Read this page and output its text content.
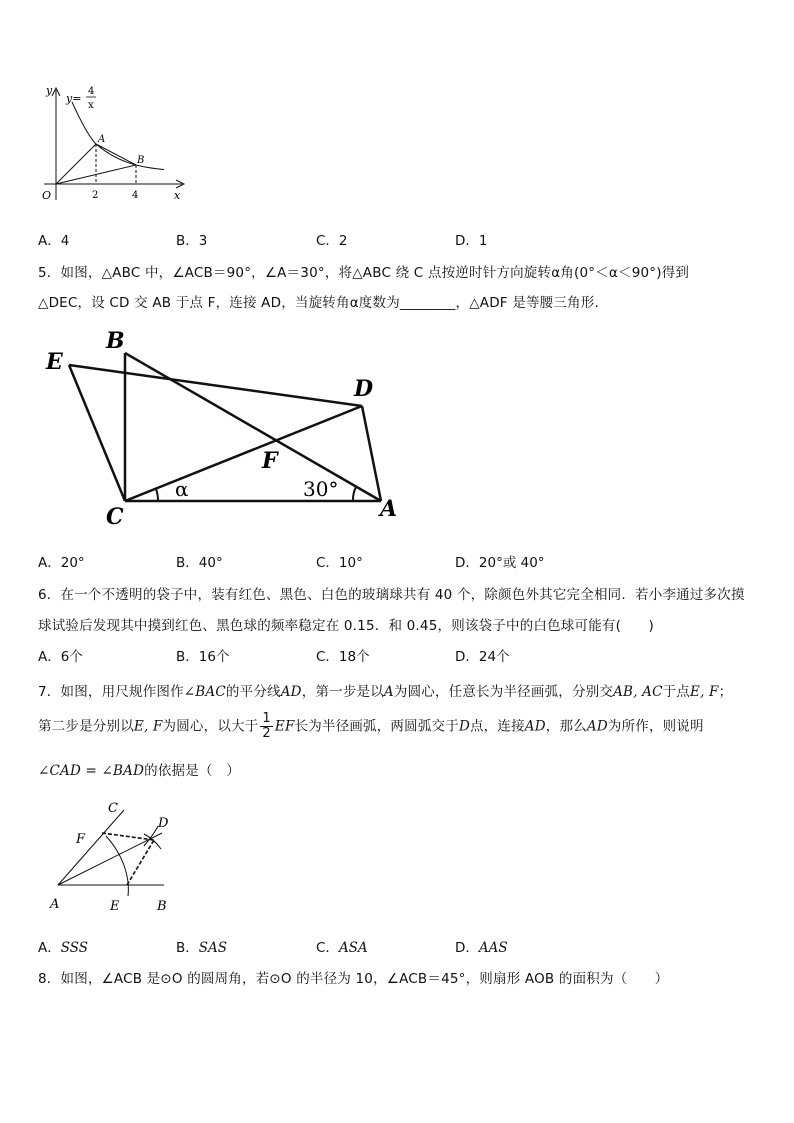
y
x
O
A
B
2	4
y=
4
x
A．4	B．3	C．2	D．1
5．如图，△ABC 中，∠ACB＝90°，∠A＝30°，将△ABC 绕 C 点按逆时针方向旋转α角(0°＜α＜90°)得到
△DEC，设 CD 交 AB 于点 F，连接 AD，当旋转角α度数为________，△ADF 是等腰三角形．
B
E
D
F
C	A
α	30°
A．20°	B．40°	C．10°	D．20°或 40°
6．在一个不透明的袋子中，装有红色、黑色、白色的玻璃球共有 40 个，除颜色外其它完全相同．若小李通过多次摸
球试验后发现其中摸到红色、黑色球的频率稳定在 0.15．和 0.45，则该袋子中的白色球可能有(　　)
A．6个	B．16个	C．18个	D．24个
7．如图，用尺规作图作∠BAC的平分线AD，第一步是以A为圆心，任意长为半径画弧，分别交AB, AC于点E, F；
第二步是分别以E, F为圆心，以大于 $\frac{1}{2}$ EF长为半径画弧，两圆弧交于D点，连接AD，那么AD为所作，则说明
∠CAD = ∠BAD的依据是（　）
C
D
F
A	E	B
A．SSS	B．SAS	C．ASA	D．AAS
8．如图，∠ACB 是⊙O 的圆周角，若⊙O 的半径为 10，∠ACB＝45°，则扇形 AOB 的面积为（　　）
